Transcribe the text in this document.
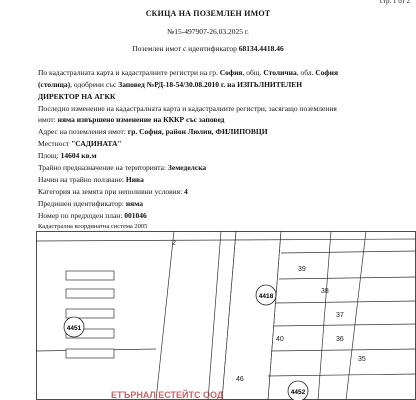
стр. 1 от 2
СКИЦА НА ПОЗЕМЛЕН ИМОТ
№15-497907-26.03.2025 г.
Поземлен имот с идентификатор 68134.4418.46
По кадастралната карта и кадастралните регистри на гр. София, общ. Столична, обл. София
(столица), одобрени със Заповед №РД-18-54/30.08.2010 г. на ИЗПЪЛНИТЕЛЕН
ДИРЕКТОР НА АГКК
Последно изменение на кадастралната карта и кадастралните регистри, засягащо поземления
имот: няма извършено изменение на КККР със заповед
Адрес на поземления имот: гр. София, район Люлин, ФИЛИПОВЦИ
Местност "САДИНАТА"
Площ: 14604 кв.м
Трайно предназначение на територията: Земеделска
Начин на трайно ползване: Нива
Категория на земята при неполивни условия: 4
Предишен идентификатор: няма
Номер по предходен план: 001046
Кадастрална координатна система 2005
2
39
38
37
36
35
40
46
4418
4451
4452
ЕТЪРНАЛ ЕСТЕЙТС ООД
